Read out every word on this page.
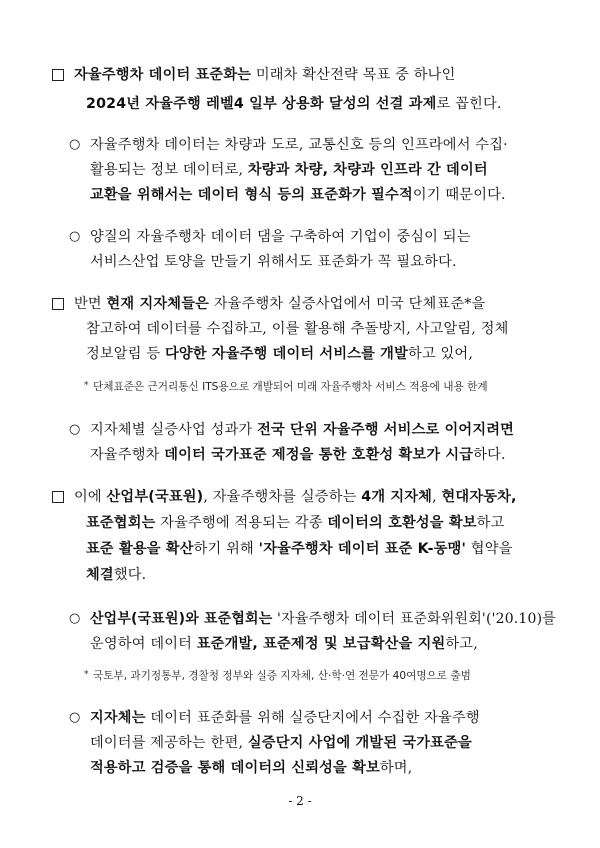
자율주행차 데이터 표준화는 미래차 확산전략 목표 중 하나인
2024년 자율주행 레벨4 일부 상용화 달성의 선결 과제로 꼽힌다.
○ 자율주행차 데이터는 차량과 도로, 교통신호 등의 인프라에서 수집·
활용되는 정보 데이터로, 차량과 차량, 차량과 인프라 간 데이터
교환을 위해서는 데이터 형식 등의 표준화가 필수적이기 때문이다.
○ 양질의 자율주행차 데이터 댐을 구축하여 기업이 중심이 되는
서비스산업 토양을 만들기 위해서도 표준화가 꼭 필요하다.
반면 현재 지자체들은 자율주행차 실증사업에서 미국 단체표준*을
참고하여 데이터를 수집하고, 이를 활용해 추돌방지, 사고알림, 정체
정보알림 등 다양한 자율주행 데이터 서비스를 개발하고 있어,
* 단체표준은 근거리통신 ITS용으로 개발되어 미래 자율주행차 서비스 적용에 내용 한계
○ 지자체별 실증사업 성과가 전국 단위 자율주행 서비스로 이어지려면
자율주행차 데이터 국가표준 제정을 통한 호환성 확보가 시급하다.
이에 산업부(국표원), 자율주행차를 실증하는 4개 지자체, 현대자동차,
표준협회는 자율주행에 적용되는 각종 데이터의 호환성을 확보하고
표준 활용을 확산하기 위해 '자율주행차 데이터 표준 K-동맹' 협약을
체결했다.
○ 산업부(국표원)와 표준협회는 '자율주행차 데이터 표준화위원회'('20.10)를
운영하여 데이터 표준개발, 표준제정 및 보급확산을 지원하고,
* 국토부, 과기정통부, 경찰청 정부와 실증 지자체, 산·학·연 전문가 40여명으로 출범
○ 지자체는 데이터 표준화를 위해 실증단지에서 수집한 자율주행
데이터를 제공하는 한편, 실증단지 사업에 개발된 국가표준을
적용하고 검증을 통해 데이터의 신뢰성을 확보하며,
- 2 -
